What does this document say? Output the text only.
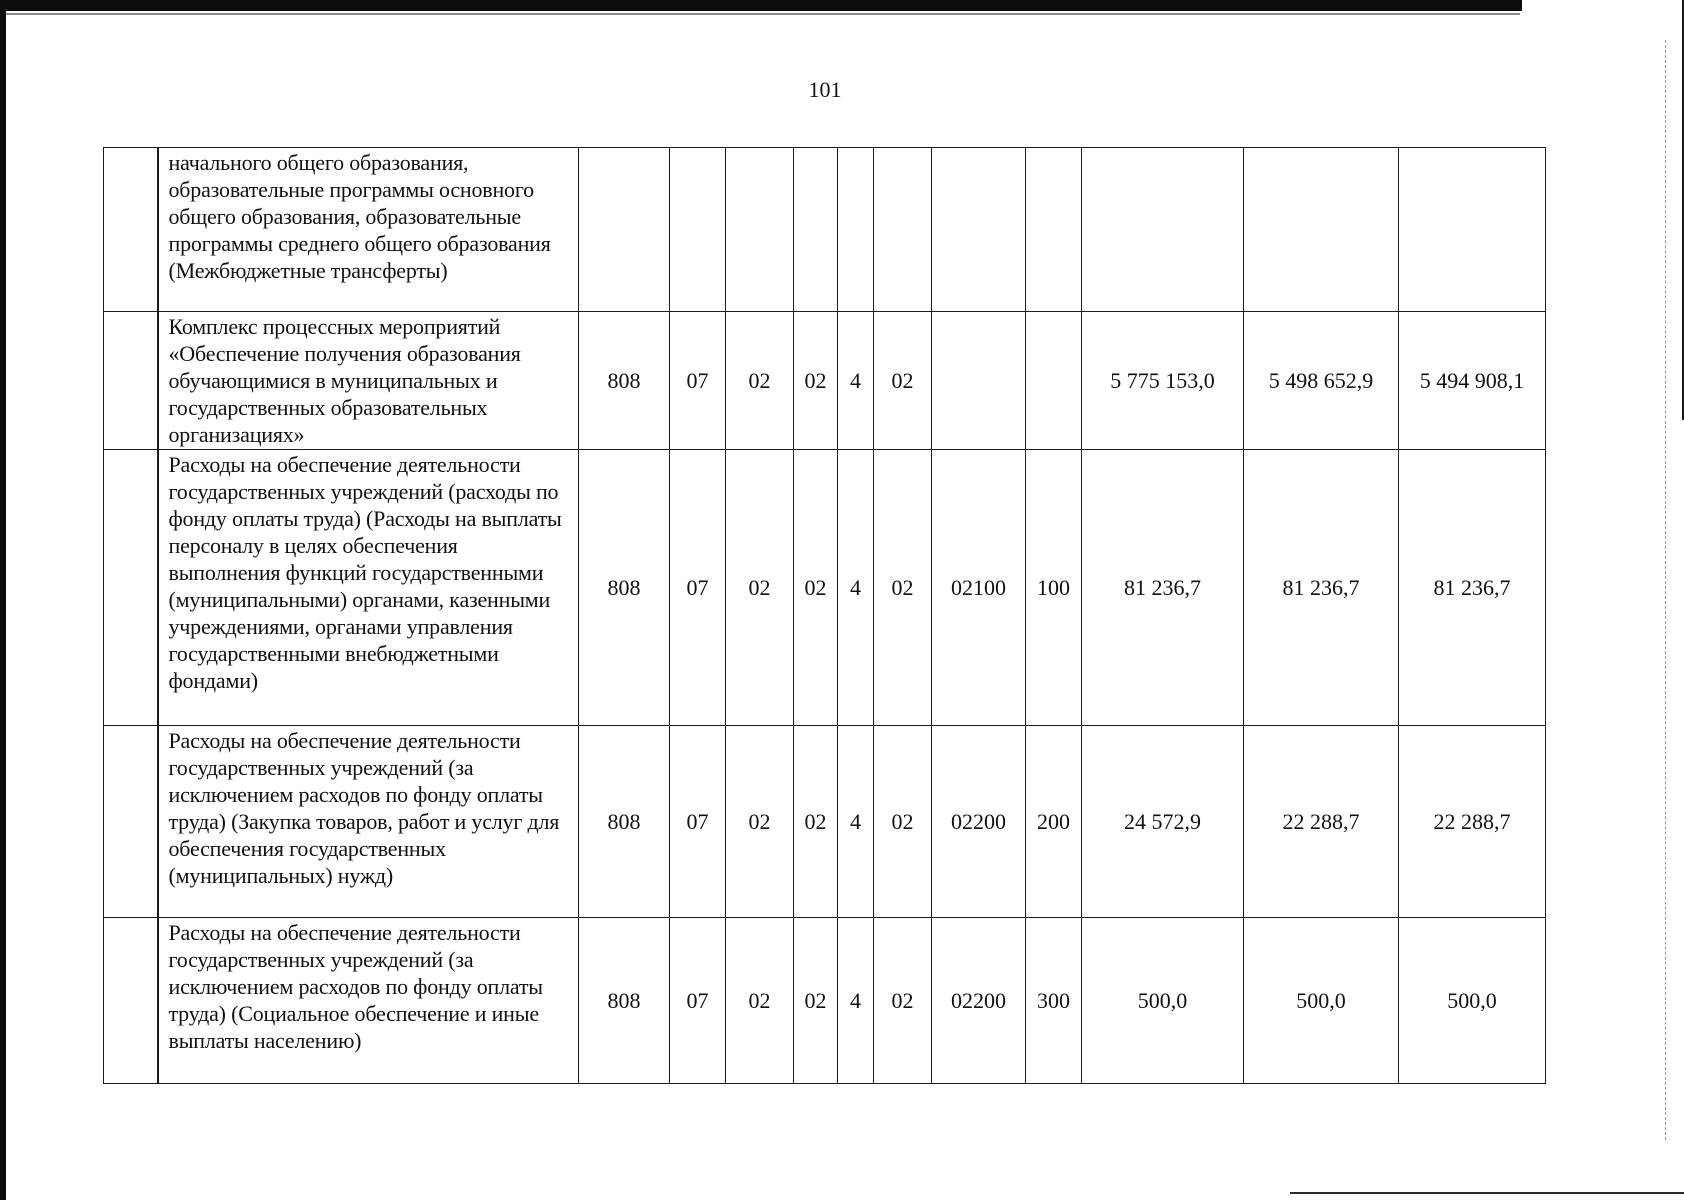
101
	начального общего образования, образовательные программы основного общего образования, образовательные программы среднего общего образования (Межбюджетные трансферты)											
	Комплекс процессных мероприятий «Обеспечение получения образования обучающимися в муниципальных и государственных образовательных организациях»	808	07	02	02	4	02			5 775 153,0	5 498 652,9	5 494 908,1
	Расходы на обеспечение деятельности государственных учреждений (расходы по фонду оплаты труда) (Расходы на выплаты персоналу в целях обеспечения выполнения функций государственными (муниципальными) органами, казенными учреждениями, органами управления государственными внебюджетными фондами)	808	07	02	02	4	02	02100	100	81 236,7	81 236,7	81 236,7
	Расходы на обеспечение деятельности государственных учреждений (за исключением расходов по фонду оплаты труда) (Закупка товаров, работ и услуг для обеспечения государственных (муниципальных) нужд)	808	07	02	02	4	02	02200	200	24 572,9	22 288,7	22 288,7
	Расходы на обеспечение деятельности государственных учреждений (за исключением расходов по фонду оплаты труда) (Социальное обеспечение и иные выплаты населению)	808	07	02	02	4	02	02200	300	500,0	500,0	500,0
